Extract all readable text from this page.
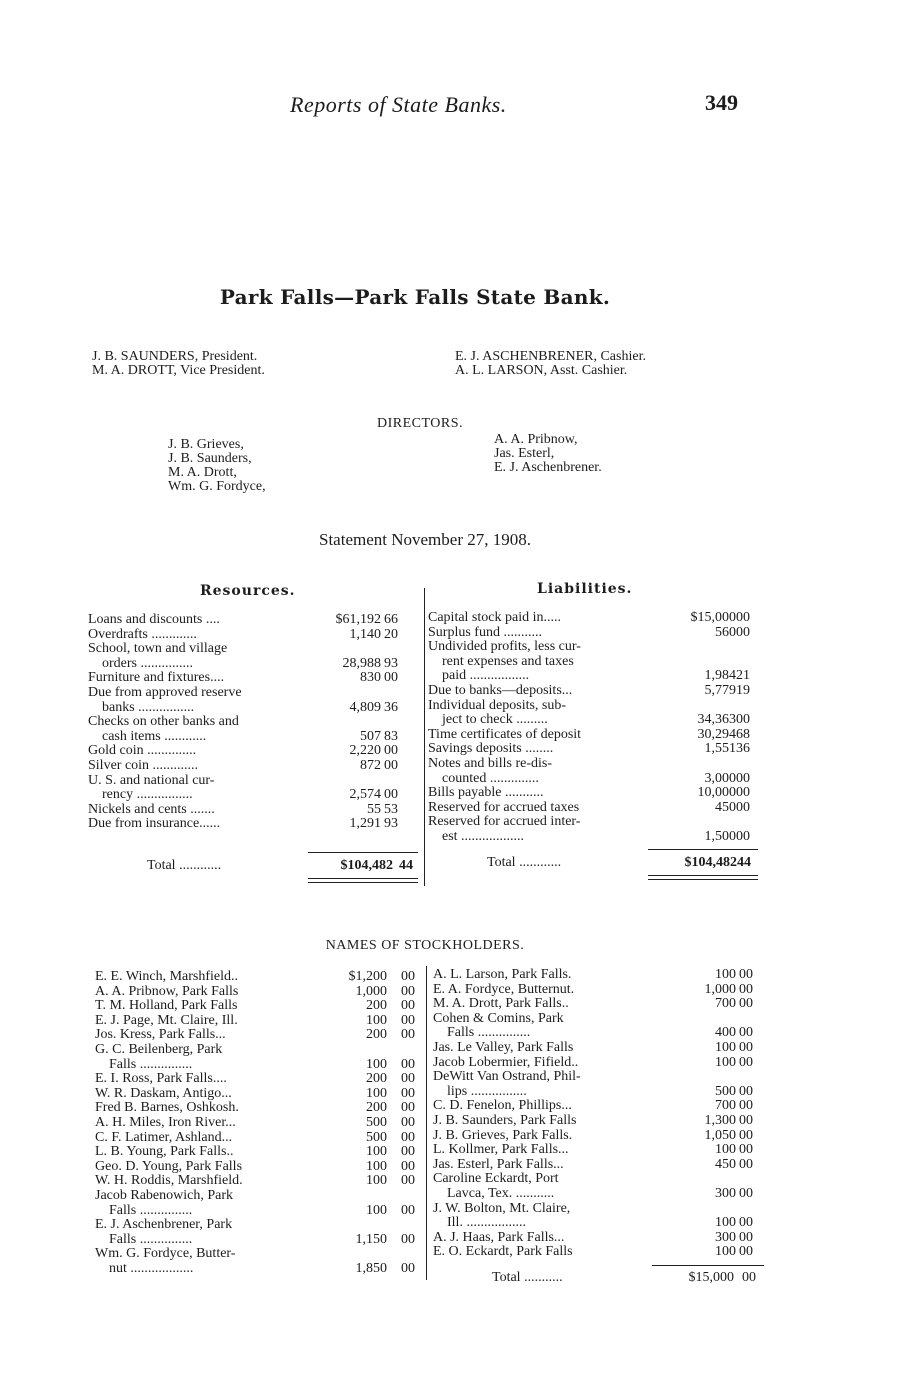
Reports of State Banks.	349
Park Falls—Park Falls State Bank.
J. B. SAUNDERS, President.
M. A. DROTT, Vice President.
E. J. ASCHENBRENER, Cashier.
A. L. LARSON, Asst. Cashier.
DIRECTORS.
J. B. Grieves,
J. B. Saunders,
M. A. Drott,
Wm. G. Fordyce,
A. A. Pribnow,
Jas. Esterl,
E. J. Aschenbrener.
Statement November 27, 1908.
Resources.	Liabilities.
Loans and discounts ....	$61,192 66
Overdrafts .............	1,140 20
School, town and village
orders ...............	28,988 93
Furniture and fixtures....	830 00
Due from approved reserve
banks ................	4,809 36
Checks on other banks and
cash items ............	507 83
Gold coin ..............	2,220 00
Silver coin .............	872 00
U. S. and national cur-
rency ................	2,574 00
Nickels and cents .......	55 53
Due from insurance......	1,291 93
Capital stock paid in.....	$15,000 00
Surplus fund ...........	560 00
Undivided profits, less cur-
rent expenses and taxes
paid .................	1,984 21
Due to banks—deposits...	5,779 19
Individual deposits, sub-
ject to check .........	34,363 00
Time certificates of deposit	30,294 68
Savings deposits ........	1,551 36
Notes and bills re-dis-
counted ..............	3,000 00
Bills payable ...........	10,000 00
Reserved for accrued taxes	450 00
Reserved for accrued inter-
est ..................	1,500 00
Total ............	$104,482 44	Total ............	$104,482 44
NAMES OF STOCKHOLDERS.
E. E. Winch, Marshfield..	$1,200 00
A. A. Pribnow, Park Falls	1,000 00
T. M. Holland, Park Falls	200 00
E. J. Page, Mt. Claire, Ill.	100 00
Jos. Kress, Park Falls...	200 00
G. C. Beilenberg, Park
Falls ...............	100 00
E. I. Ross, Park Falls....	200 00
W. R. Daskam, Antigo...	100 00
Fred B. Barnes, Oshkosh.	200 00
A. H. Miles, Iron River...	500 00
C. F. Latimer, Ashland...	500 00
L. B. Young, Park Falls..	100 00
Geo. D. Young, Park Falls	100 00
W. H. Roddis, Marshfield.	100 00
Jacob Rabenowich, Park
Falls ...............	100 00
E. J. Aschenbrener, Park
Falls ...............	1,150 00
Wm. G. Fordyce, Butter-
nut ..................	1,850 00
A. L. Larson, Park Falls.	100 00
E. A. Fordyce, Butternut.	1,000 00
M. A. Drott, Park Falls..	700 00
Cohen & Comins, Park
Falls ...............	400 00
Jas. Le Valley, Park Falls	100 00
Jacob Lobermier, Fifield..	100 00
DeWitt Van Ostrand, Phil-
lips ................	500 00
C. D. Fenelon, Phillips...	700 00
J. B. Saunders, Park Falls	1,300 00
J. B. Grieves, Park Falls.	1,050 00
L. Kollmer, Park Falls...	100 00
Jas. Esterl, Park Falls...	450 00
Caroline Eckardt, Port
Lavca, Tex. ...........	300 00
J. W. Bolton, Mt. Claire,
Ill. .................	100 00
A. J. Haas, Park Falls...	300 00
E. O. Eckardt, Park Falls	100 00
Total ...........	$15,000 00
